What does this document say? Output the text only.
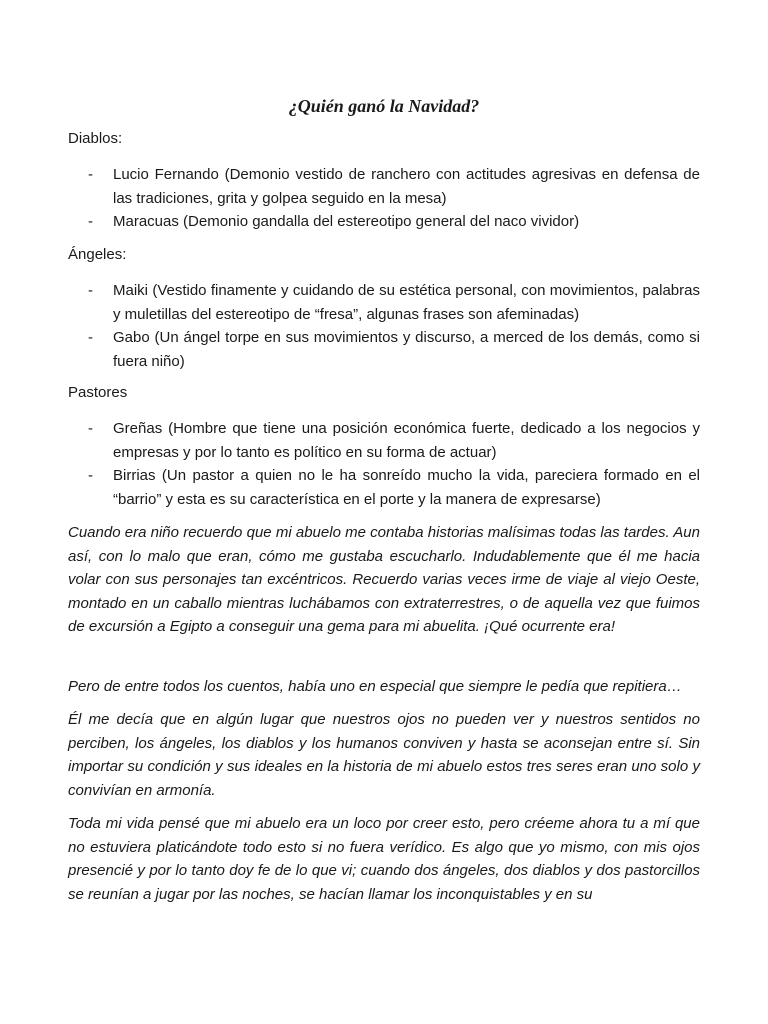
¿Quién ganó la Navidad?

Diablos:

- Lucio Fernando (Demonio vestido de ranchero con actitudes agresivas en defensa de las tradiciones, grita y golpea seguido en la mesa)
- Maracuas (Demonio gandalla del estereotipo general del naco vividor)

Ángeles:

- Maiki (Vestido finamente y cuidando de su estética personal, con movimientos, palabras y muletillas del estereotipo de “fresa”, algunas frases son afeminadas)
- Gabo (Un ángel torpe en sus movimientos y discurso, a merced de los demás, como si fuera niño)

Pastores

- Greñas (Hombre que tiene una posición económica fuerte, dedicado a los negocios y empresas y por lo tanto es político en su forma de actuar)
- Birrias (Un pastor a quien no le ha sonreído mucho la vida, pareciera formado en el “barrio” y esta es su característica en el porte y la manera de expresarse)

Cuando era niño recuerdo que mi abuelo me contaba historias malísimas todas las tardes. Aun así, con lo malo que eran, cómo me gustaba escucharlo. Indudablemente que él me hacia volar con sus personajes tan excéntricos. Recuerdo varias veces irme de viaje al viejo Oeste, montado en un caballo mientras luchábamos con extraterrestres, o de aquella vez que fuimos de excursión a Egipto a conseguir una gema para mi abuelita. ¡Qué ocurrente era!

Pero de entre todos los cuentos, había uno en especial que siempre le pedía que repitiera…

Él me decía que en algún lugar que nuestros ojos no pueden ver y nuestros sentidos no perciben, los ángeles, los diablos y los humanos conviven y hasta se aconsejan entre sí. Sin importar su condición y sus ideales en la historia de mi abuelo estos tres seres eran uno solo y convivían en armonía.

Toda mi vida pensé que mi abuelo era un loco por creer esto, pero créeme ahora tu a mí que no estuviera platicándote todo esto si no fuera verídico. Es algo que yo mismo, con mis ojos presencié y por lo tanto doy fe de lo que vi; cuando dos ángeles, dos diablos y dos pastorcillos se reunían a jugar por las noches, se hacían llamar los inconquistables y en su
